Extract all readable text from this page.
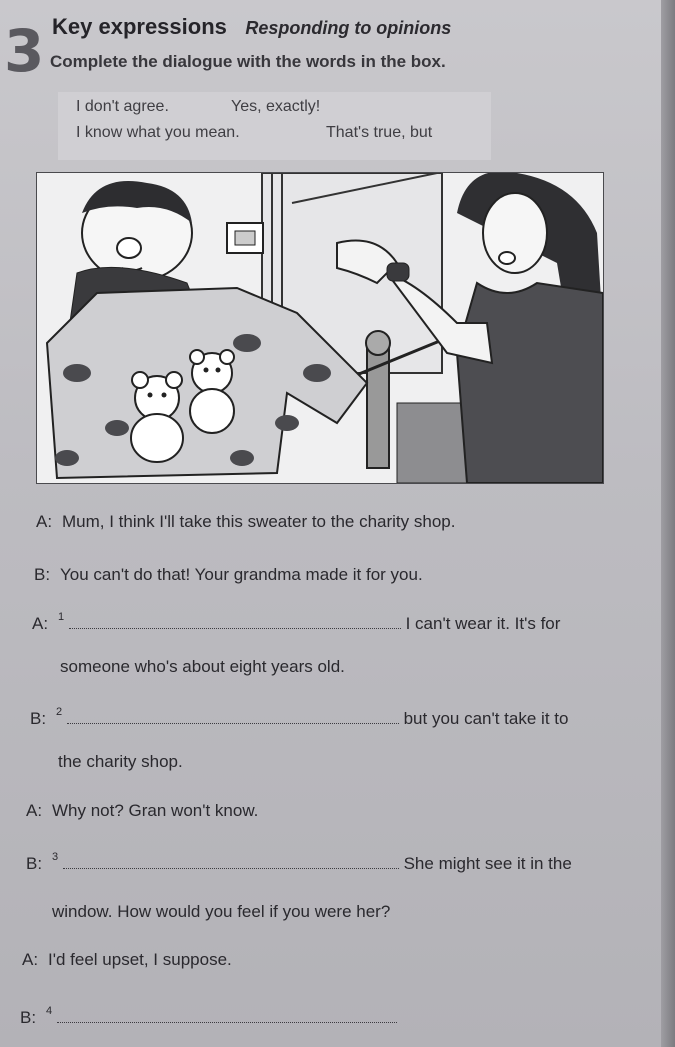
3 Key expressions Responding to opinions
Complete the dialogue with the words in the box.
I don't agree.	Yes, exactly!
I know what you mean.	That's true, but
A: Mum, I think I'll take this sweater to the charity shop.
B: You can't do that! Your grandma made it for you.
A: $^1$	I can't wear it. It's for
someone who's about eight years old.
B: $^2$	but you can't take it to
the charity shop.
A: Why not? Gran won't know.
B: $^3$	She might see it in the
window. How would you feel if you were her?
A: I'd feel upset, I suppose.
B: $^4$
